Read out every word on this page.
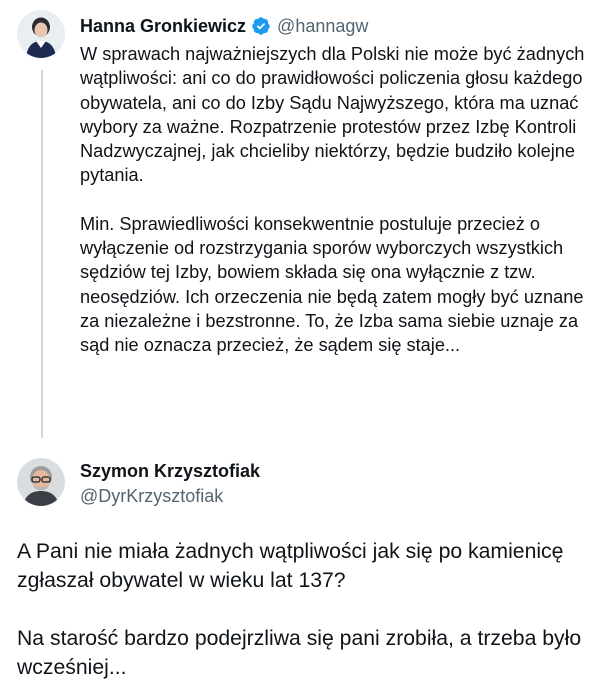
Hanna Gronkiewicz @hannagw

W sprawach najważniejszych dla Polski nie może być żadnych wątpliwości: ani co do prawidłowości policzenia głosu każdego obywatela, ani co do Izby Sądu Najwyższego, która ma uznać wybory za ważne. Rozpatrzenie protestów przez Izbę Kontroli Nadzwyczajnej, jak chcieliby niektórzy, będzie budziło kolejne pytania.

Min. Sprawiedliwości konsekwentnie postuluje przecież o wyłączenie od rozstrzygania sporów wyborczych wszystkich sędziów tej Izby, bowiem składa się ona wyłącznie z tzw. neosędziów. Ich orzeczenia nie będą zatem mogły być uznane za niezależne i bezstronne. To, że Izba sama siebie uznaje za sąd nie oznacza przecież, że sądem się staje...

Szymon Krzysztofiak
@DyrKrzysztofiak

A Pani nie miała żadnych wątpliwości jak się po kamienicę zgłaszał obywatel w wieku lat 137?

Na starość bardzo podejrzliwa się pani zrobiła, a trzeba było wcześniej...
